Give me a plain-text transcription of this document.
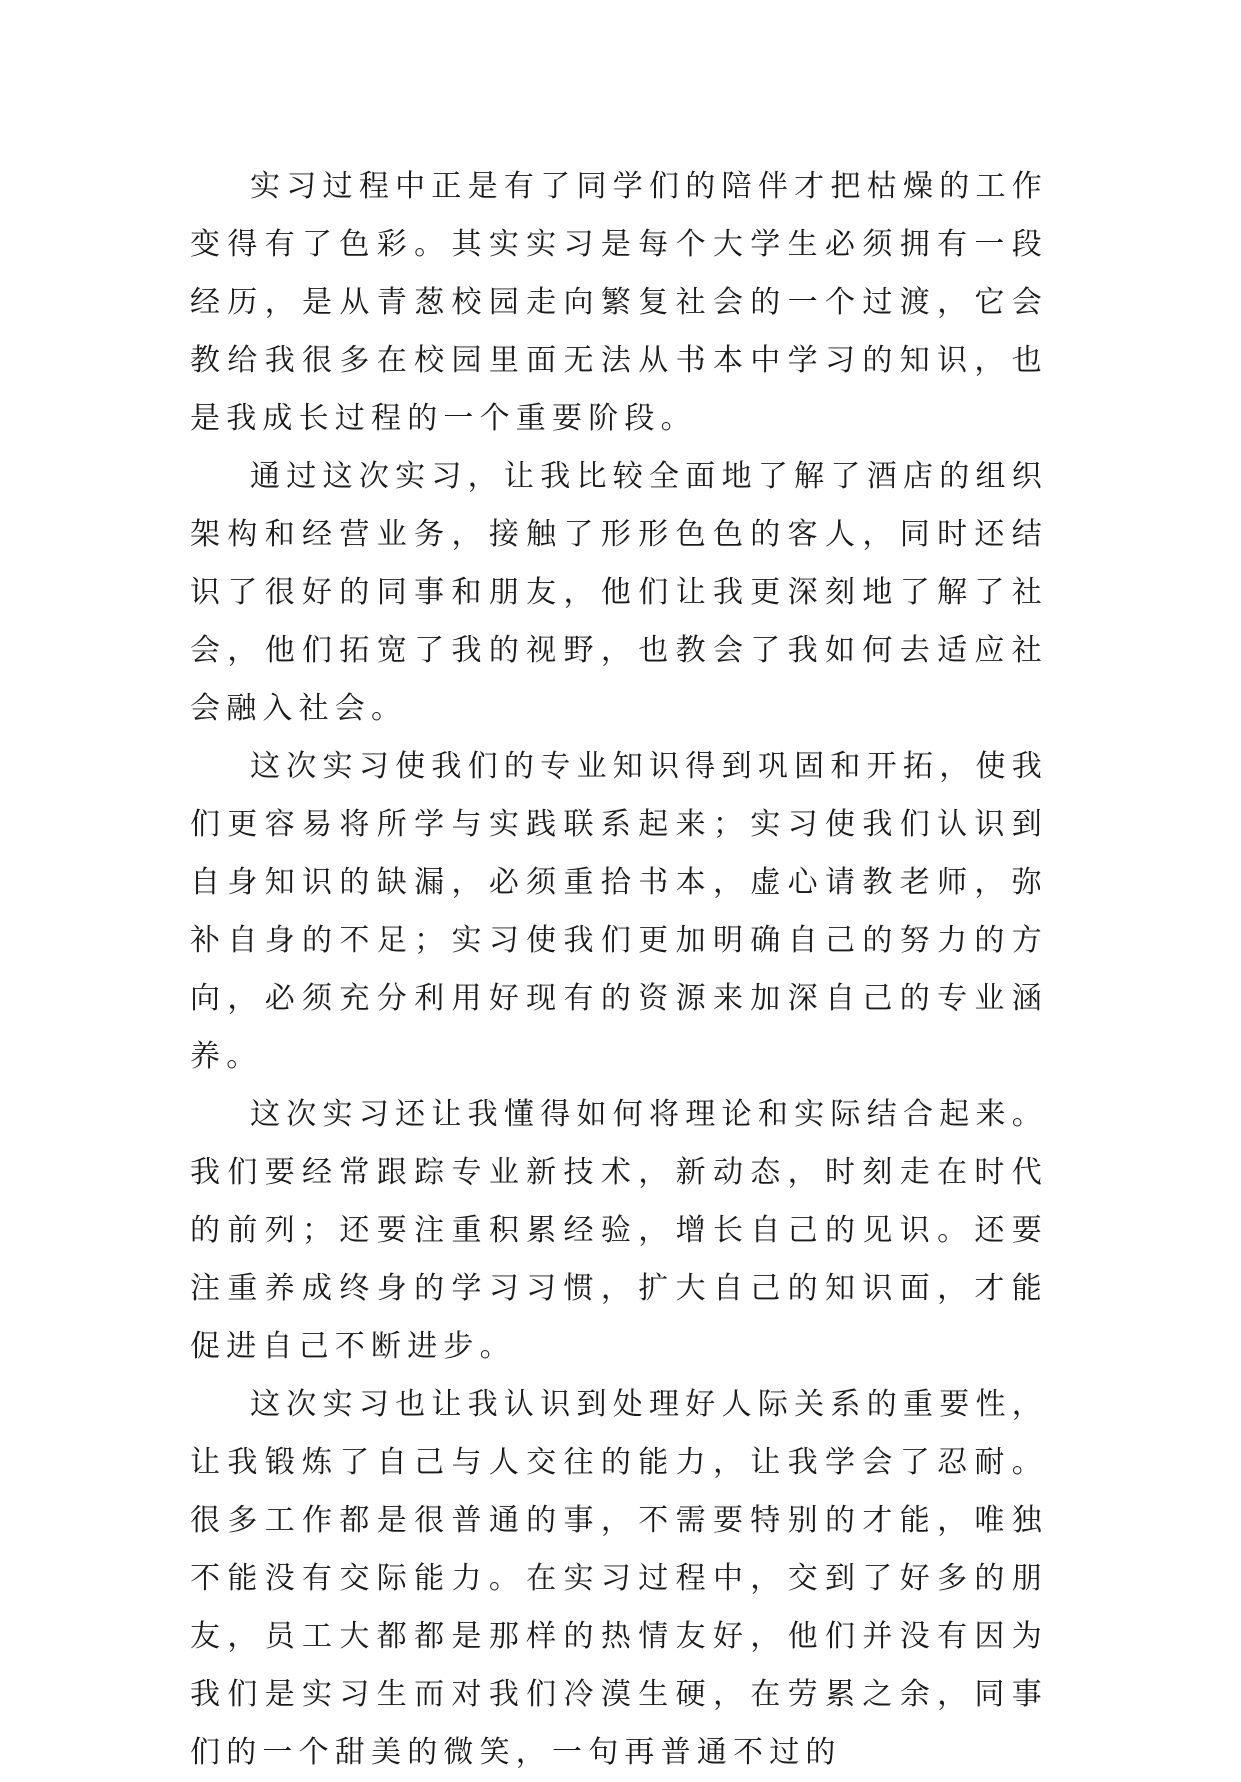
实习过程中正是有了同学们的陪伴才把枯燥的工作变得有了色彩。其实实习是每个大学生必须拥有一段经历，是从青葱校园走向繁复社会的一个过渡，它会教给我很多在校园里面无法从书本中学习的知识，也是我成长过程的一个重要阶段。

通过这次实习，让我比较全面地了解了酒店的组织架构和经营业务，接触了形形色色的客人，同时还结识了很好的同事和朋友，他们让我更深刻地了解了社会，他们拓宽了我的视野，也教会了我如何去适应社会融入社会。

这次实习使我们的专业知识得到巩固和开拓，使我们更容易将所学与实践联系起来；实习使我们认识到自身知识的缺漏，必须重拾书本，虚心请教老师，弥补自身的不足；实习使我们更加明确自己的努力的方向，必须充分利用好现有的资源来加深自己的专业涵养。

这次实习还让我懂得如何将理论和实际结合起来。我们要经常跟踪专业新技术，新动态，时刻走在时代的前列；还要注重积累经验，增长自己的见识。还要注重养成终身的学习习惯，扩大自己的知识面，才能促进自己不断进步。

这次实习也让我认识到处理好人际关系的重要性，让我锻炼了自己与人交往的能力，让我学会了忍耐。很多工作都是很普通的事，不需要特别的才能，唯独不能没有交际能力。在实习过程中，交到了好多的朋友，员工大都都是那样的热情友好，他们并没有因为我们是实习生而对我们冷漠生硬，在劳累之余，同事们的一个甜美的微笑，一句再普通不过的
